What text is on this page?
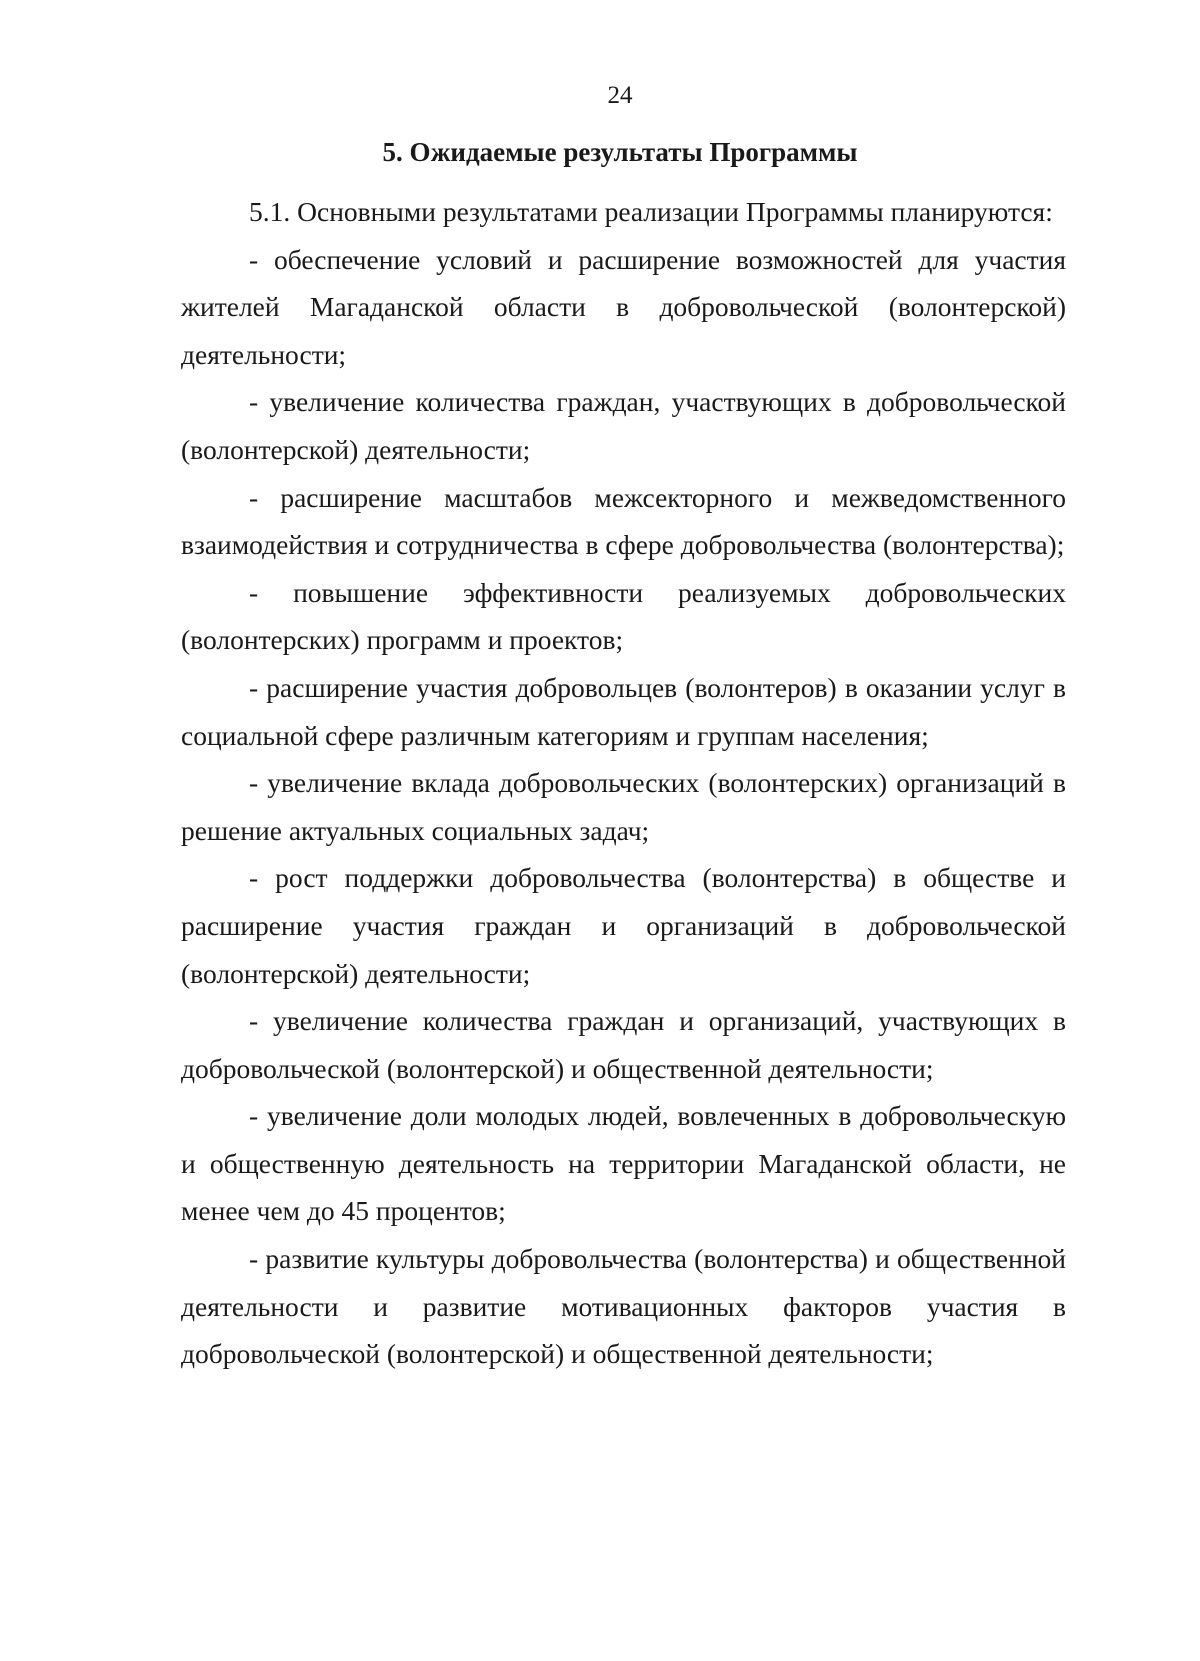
24
5. Ожидаемые результаты Программы

5.1. Основными результатами реализации Программы планируются:

- обеспечение условий и расширение возможностей для участия жителей Магаданской области в добровольческой (волонтерской) деятельности;

- увеличение количества граждан, участвующих в добровольческой (волонтерской) деятельности;

- расширение масштабов межсекторного и межведомственного взаимодействия и сотрудничества в сфере добровольчества (волонтерства);

- повышение эффективности реализуемых добровольческих (волонтерских) программ и проектов;

- расширение участия добровольцев (волонтеров) в оказании услуг в социальной сфере различным категориям и группам населения;

- увеличение вклада добровольческих (волонтерских) организаций в решение актуальных социальных задач;

- рост поддержки добровольчества (волонтерства) в обществе и расширение участия граждан и организаций в добровольческой (волонтерской) деятельности;

- увеличение количества граждан и организаций, участвующих в добровольческой (волонтерской) и общественной деятельности;

- увеличение доли молодых людей, вовлеченных в добровольческую и общественную деятельность на территории Магаданской области, не менее чем до 45 процентов;

- развитие культуры добровольчества (волонтерства) и общественной деятельности и развитие мотивационных факторов участия в добровольческой (волонтерской) и общественной деятельности;
